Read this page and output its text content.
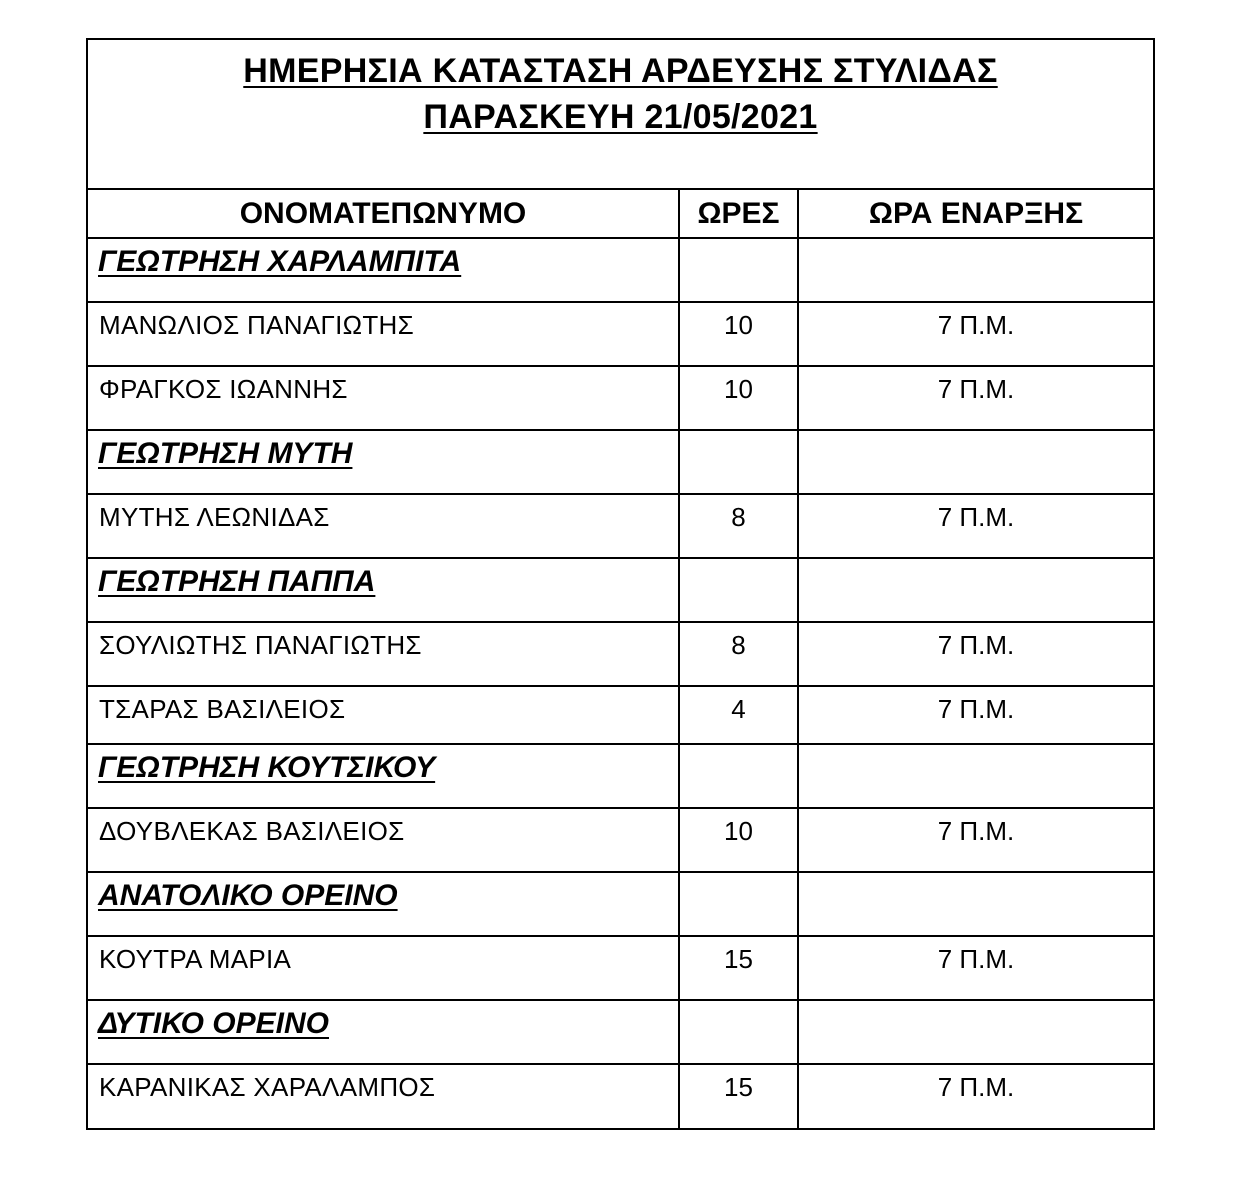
ΗΜΕΡΗΣΙΑ ΚΑΤΑΣΤΑΣΗ ΑΡΔΕΥΣΗΣ ΣΤΥΛΙΔΑΣ
ΠΑΡΑΣΚΕΥΗ 21/05/2021
ΟΝΟΜΑΤΕΠΩΝΥΜΟ	ΩΡΕΣ	ΩΡΑ ΕΝΑΡΞΗΣ
ΓΕΩΤΡΗΣΗ ΧΑΡΛΑΜΠΙΤΑ		

ΜΑΝΩΛΙΟΣ ΠΑΝΑΓΙΩΤΗΣ	10	7 Π.Μ.

ΦΡΑΓΚΟΣ ΙΩΑΝΝΗΣ	10	7 Π.Μ.

ΓΕΩΤΡΗΣΗ ΜΥΤΗ		

ΜΥΤΗΣ ΛΕΩΝΙΔΑΣ	8	7 Π.Μ.

ΓΕΩΤΡΗΣΗ ΠΑΠΠΑ		

ΣΟΥΛΙΩΤΗΣ ΠΑΝΑΓΙΩΤΗΣ	8	7 Π.Μ.

ΤΣΑΡΑΣ ΒΑΣΙΛΕΙΟΣ	4	7 Π.Μ.

ΓΕΩΤΡΗΣΗ ΚΟΥΤΣΙΚΟΥ		

ΔΟΥΒΛΕΚΑΣ ΒΑΣΙΛΕΙΟΣ	10	7 Π.Μ.

ΑΝΑΤΟΛΙΚΟ ΟΡΕΙΝΟ		

ΚΟΥΤΡΑ ΜΑΡΙΑ	15	7 Π.Μ.

ΔΥΤΙΚΟ ΟΡΕΙΝΟ		

ΚΑΡΑΝΙΚΑΣ ΧΑΡΑΛΑΜΠΟΣ	15	7 Π.Μ.
